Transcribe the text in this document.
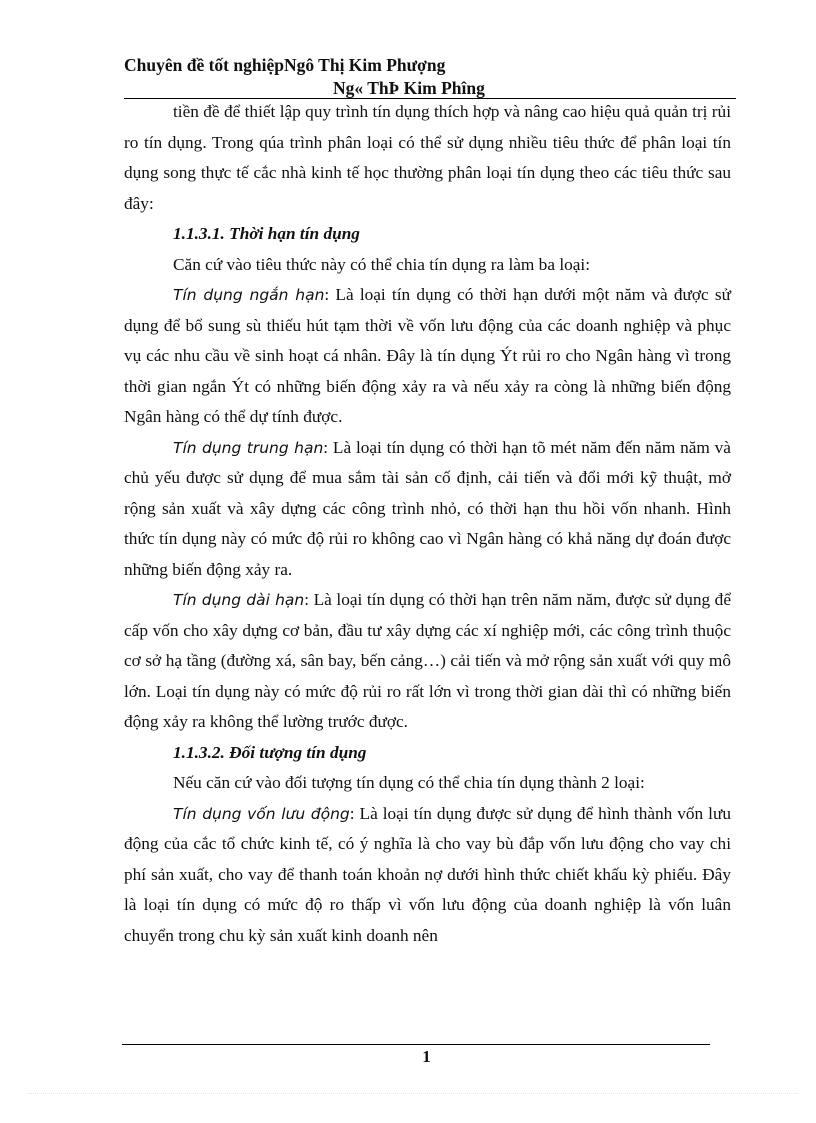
Chuyên đề tốt nghiệpNgô Thị Kim Phượng
Ng« ThÞ Kim Phîng

tiền đề để thiết lập quy trình tín dụng thích hợp và nâng cao hiệu quả quản trị rủi ro tín dụng. Trong qúa trình phân loại có thể sử dụng nhiều tiêu thức để phân loại tín dụng song thực tế cắc nhà kinh tế học thường phân loại tín dụng theo các tiêu thức sau đây:

1.1.3.1. Thời hạn tín dụng

Căn cứ vào tiêu thức này có thể chia tín dụng ra làm ba loại:

Tín dụng ngắn hạn: Là loại tín dụng có thời hạn dưới một năm và được sử dụng để bổ sung sù thiếu hút tạm thời về vốn lưu động của các doanh nghiệp và phục vụ các nhu cầu về sinh hoạt cá nhân. Đây là tín dụng Ýt rủi ro cho Ngân hàng vì trong thời gian ngắn Ýt có những biến động xảy ra và nếu xảy ra còng là những biến động Ngân hàng có thể dự tính được.

Tín dụng trung hạn: Là loại tín dụng có thời hạn tõ mét năm đến năm năm và chủ yếu được sử dụng để mua sắm tài sản cố định, cải tiến và đổi mới kỹ thuật, mở rộng sản xuất và xây dựng các công trình nhỏ, có thời hạn thu hồi vốn nhanh. Hình thức tín dụng này có mức độ rủi ro không cao vì Ngân hàng có khả năng dự đoán được những biến động xảy ra.

Tín dụng dài hạn: Là loại tín dụng có thời hạn trên năm năm, được sử dụng để cấp vốn cho xây dựng cơ bản, đầu tư xây dựng các xí nghiệp mới, các công trình thuộc cơ sở hạ tầng (đường xá, sân bay, bến cảng…) cải tiến và mở rộng sản xuất với quy mô lớn. Loại tín dụng này có mức độ rủi ro rất lớn vì trong thời gian dài thì có những biến động xảy ra không thể lường trước được.

1.1.3.2. Đối tượng tín dụng

Nếu căn cứ vào đối tượng tín dụng có thể chia tín dụng thành 2 loại:

Tín dụng vốn lưu động: Là loại tín dụng được sử dụng để hình thành vốn lưu động của cắc tổ chức kinh tế, có ý nghĩa là cho vay bù đắp vốn lưu động cho vay chi phí sản xuất, cho vay để thanh toán khoản nợ dưới hình thức chiết khấu kỳ phiếu. Đây là loại tín dụng có mức độ ro thấp vì vốn lưu động của doanh nghiệp là vốn luân chuyển trong chu kỳ sản xuất kinh doanh nên

1
